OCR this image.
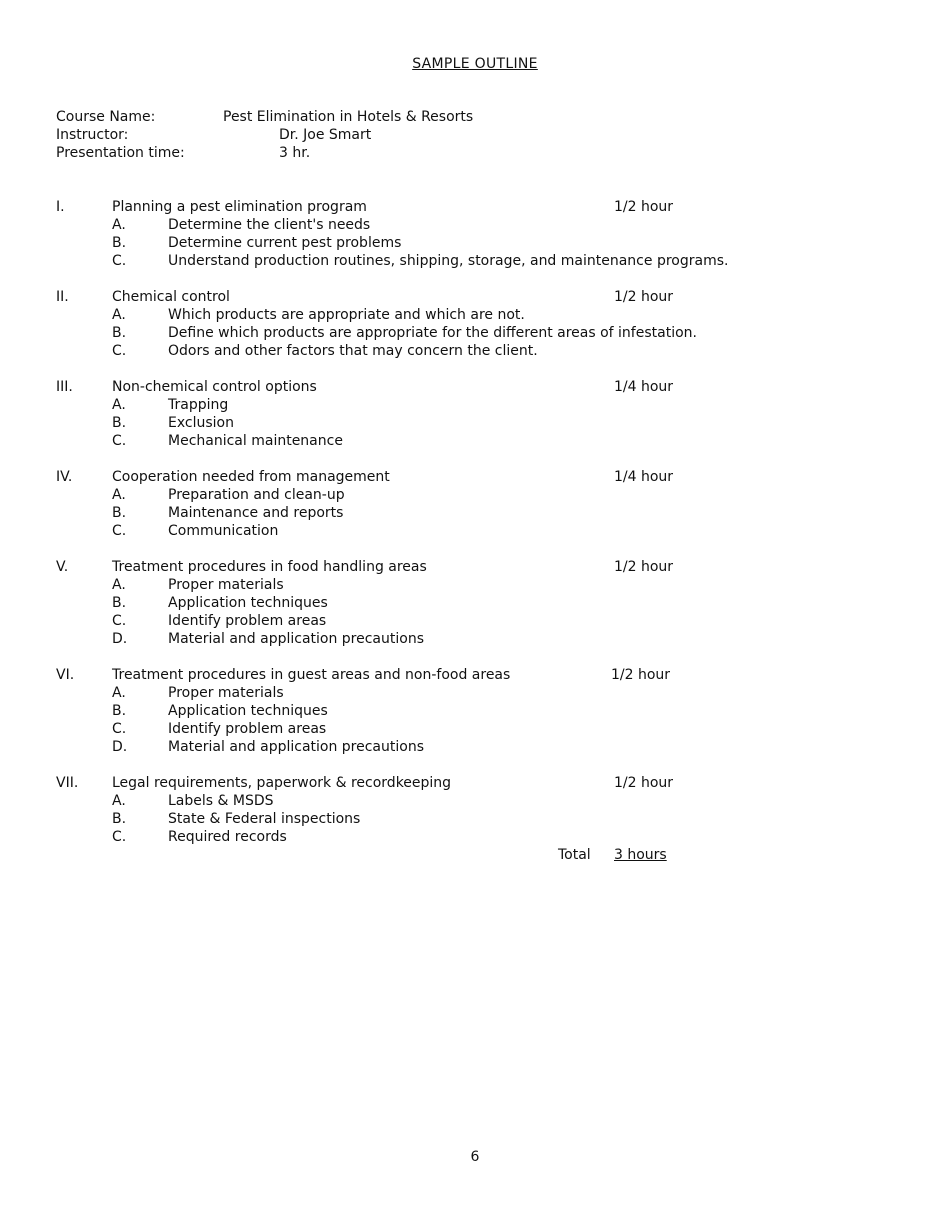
SAMPLE OUTLINE
Course Name:	Pest Elimination in Hotels & Resorts
Instructor:	Dr. Joe Smart
Presentation time:	3 hr.
I.	Planning a pest elimination program	1/2 hour
A.	Determine the client's needs
B.	Determine current pest problems
C.	Understand production routines, shipping, storage, and maintenance programs.
II.	Chemical control	1/2 hour
A.	Which products are appropriate and which are not.
B.	Define which products are appropriate for the different areas of infestation.
C.	Odors and other factors that may concern the client.
III.	Non-chemical control options	1/4 hour
A.	Trapping
B.	Exclusion
C.	Mechanical maintenance
IV.	Cooperation needed from management	1/4 hour
A.	Preparation and clean-up
B.	Maintenance and reports
C.	Communication
V.	Treatment procedures in food handling areas	1/2 hour
A.	Proper materials
B.	Application techniques
C.	Identify problem areas
D.	Material and application precautions
VI.	Treatment procedures in guest areas and non-food areas	1/2 hour
A.	Proper materials
B.	Application techniques
C.	Identify problem areas
D.	Material and application precautions
VII. Legal requirements, paperwork & recordkeeping	1/2 hour
A.	Labels & MSDS
B.	State & Federal inspections
C.	Required records
Total 3 hours
6
